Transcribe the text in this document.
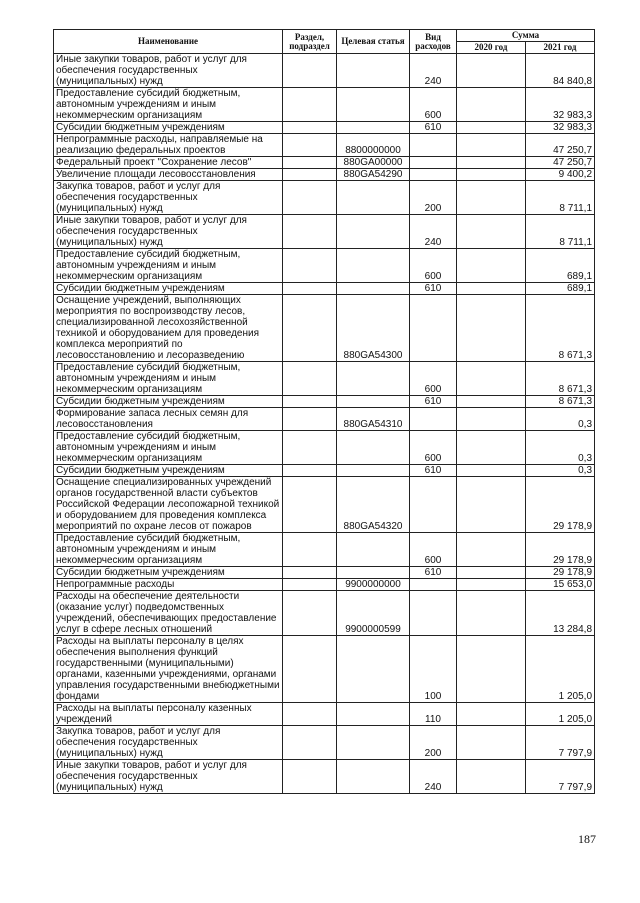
Наименование	Раздел, подраздел	Целевая статья	Вид расходов	Сумма	
				2020 год	2021 год
Иные закупки товаров, работ и услуг для обеспечения государственных (муниципальных) нужд			240		84 840,8
Предоставление субсидий бюджетным, автономным учреждениям и иным некоммерческим организациям			600		32 983,3
Субсидии бюджетным учреждениям			610		32 983,3
Непрограммные расходы, направляемые на реализацию федеральных проектов		8800000000			47 250,7
Федеральный проект "Сохранение лесов"		880GA00000			47 250,7
Увеличение площади лесовосстановления		880GA54290			9 400,2
Закупка товаров, работ и услуг для обеспечения государственных (муниципальных) нужд			200		8 711,1
Иные закупки товаров, работ и услуг для обеспечения государственных (муниципальных) нужд			240		8 711,1
Предоставление субсидий бюджетным, автономным учреждениям и иным некоммерческим организациям			600		689,1
Субсидии бюджетным учреждениям			610		689,1
Оснащение учреждений, выполняющих мероприятия по воспроизводству лесов, специализированной лесохозяйственной техникой и оборудованием для проведения комплекса мероприятий по лесовосстановлению и лесоразведению		880GA54300			8 671,3
Предоставление субсидий бюджетным, автономным учреждениям и иным некоммерческим организациям			600		8 671,3
Субсидии бюджетным учреждениям			610		8 671,3
Формирование запаса лесных семян для лесовосстановления		880GA54310			0,3
Предоставление субсидий бюджетным, автономным учреждениям и иным некоммерческим организациям			600		0,3
Субсидии бюджетным учреждениям			610		0,3
Оснащение специализированных учреждений органов государственной власти субъектов Российской Федерации лесопожарной техникой и оборудованием для проведения комплекса мероприятий по охране лесов от пожаров		880GA54320			29 178,9
Предоставление субсидий бюджетным, автономным учреждениям и иным некоммерческим организациям			600		29 178,9
Субсидии бюджетным учреждениям			610		29 178,9
Непрограммные расходы		9900000000			15 653,0
Расходы на обеспечение деятельности (оказание услуг) подведомственных учреждений, обеспечивающих предоставление услуг в сфере лесных отношений		9900000599			13 284,8
Расходы на выплаты персоналу в целях обеспечения выполнения функций государственными (муниципальными) органами, казенными учреждениями, органами управления государственными внебюджетными фондами			100		1 205,0
Расходы на выплаты персоналу казенных учреждений			110		1 205,0
Закупка товаров, работ и услуг для обеспечения государственных (муниципальных) нужд			200		7 797,9
Иные закупки товаров, работ и услуг для обеспечения государственных (муниципальных) нужд			240		7 797,9
187
